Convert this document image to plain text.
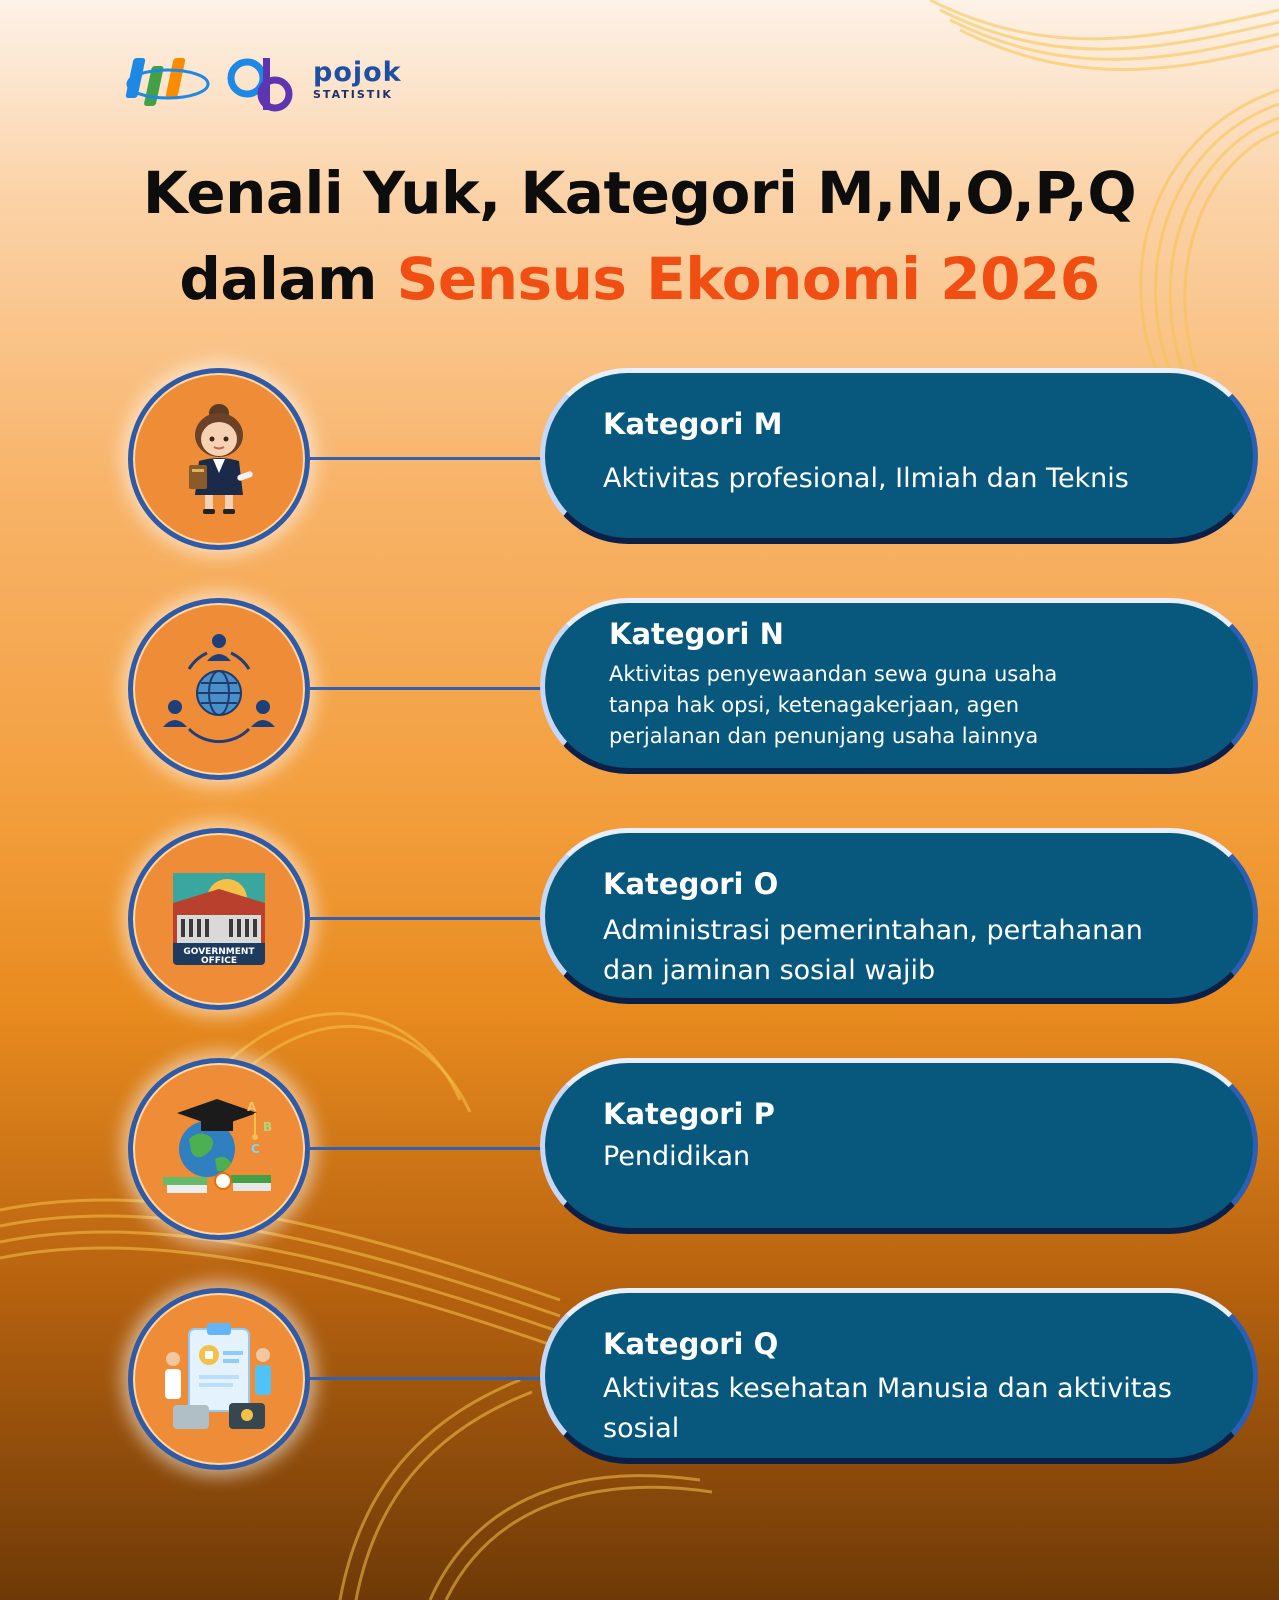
pojok
STATISTIK
Kenali Yuk, Kategori M,N,O,P,Q
dalam Sensus Ekonomi 2026
Kategori M
Aktivitas profesional, Ilmiah dan Teknis
Kategori N
Aktivitas penyewaandan sewa guna usaha
tanpa hak opsi, ketenagakerjaan, agen
perjalanan dan penunjang usaha lainnya
GOVERNMENT
OFFICE
Kategori O
Administrasi pemerintahan, pertahanan
dan jaminan sosial wajib
A
B
C
Kategori P
Pendidikan
Kategori Q
Aktivitas kesehatan Manusia dan aktivitas
sosial
